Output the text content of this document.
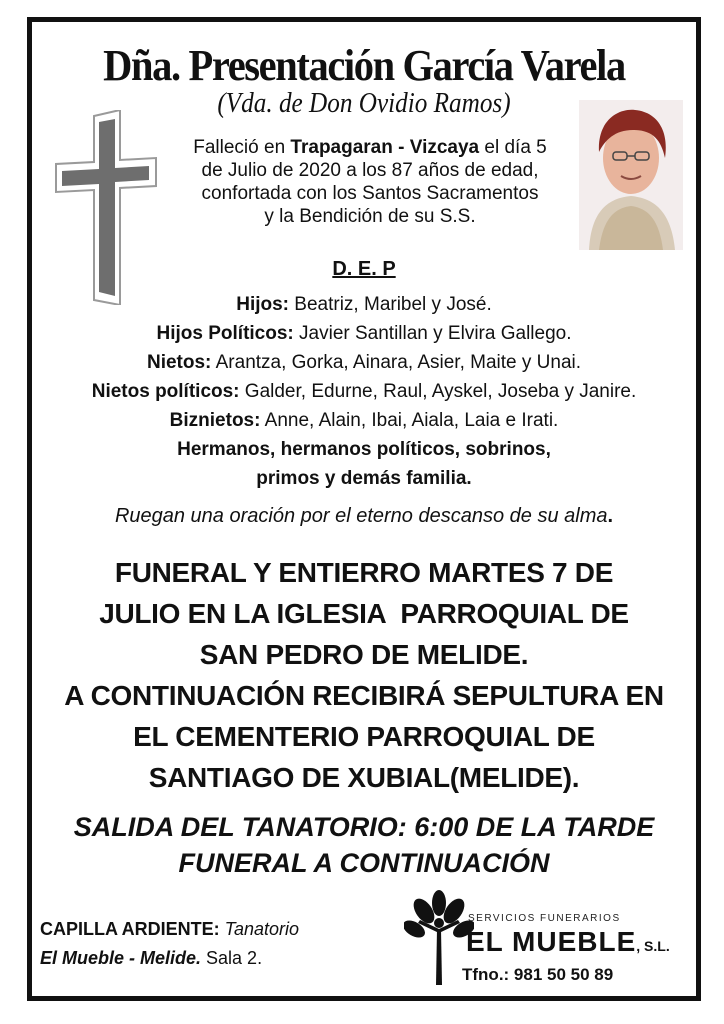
Dña. Presentación García Varela
(Vda. de Don Ovidio Ramos)
Falleció en Trapagaran - Vizcaya el día 5
de Julio de 2020 a los 87 años de edad,
confortada con los Santos Sacramentos
y la Bendición de su S.S.
D. E. P
Hijos: Beatriz, Maribel y José.
Hijos Políticos: Javier Santillan y Elvira Gallego.
Nietos: Arantza, Gorka, Ainara, Asier, Maite y Unai.
Nietos políticos: Galder, Edurne, Raul, Ayskel, Joseba y Janire.
Biznietos: Anne, Alain, Ibai, Aiala, Laia e Irati.
Hermanos, hermanos políticos, sobrinos,
primos y demás familia.
Ruegan una oración por el eterno descanso de su alma.
FUNERAL Y ENTIERRO MARTES 7 DE
JULIO EN LA IGLESIA  PARROQUIAL DE
SAN PEDRO DE MELIDE.
A CONTINUACIÓN RECIBIRÁ SEPULTURA EN
EL CEMENTERIO PARROQUIAL DE
SANTIAGO DE XUBIAL(MELIDE).
SALIDA DEL TANATORIO: 6:00 DE LA TARDE
FUNERAL A CONTINUACIÓN
CAPILLA ARDIENTE: Tanatorio
El Mueble - Melide. Sala 2.
SERVICIOS FUNERARIOS
EL MUEBLE, S.L.
Tfno.: 981 50 50 89
